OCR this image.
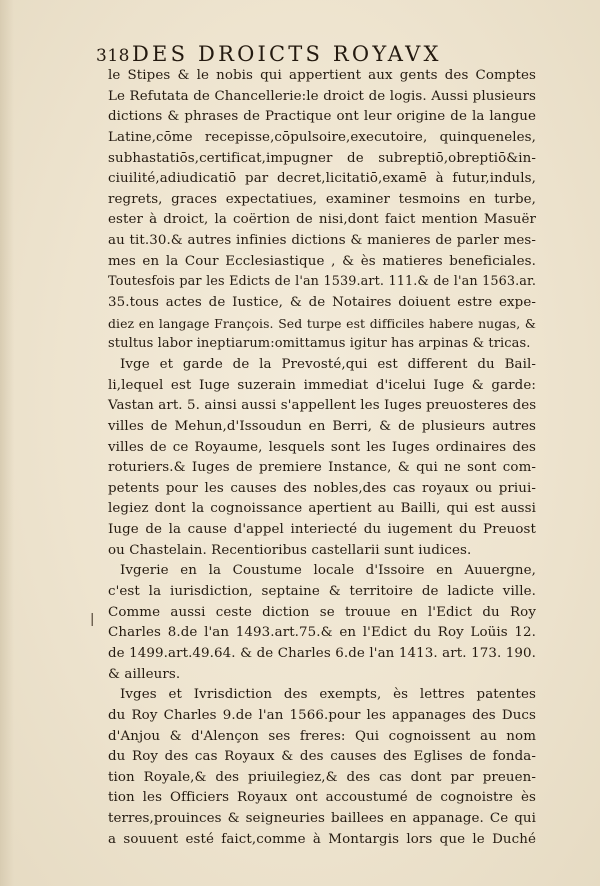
318 DES DROICTS ROYAVX
|
le Stipes & le nobis qui appertient aux gents des Comptes
Le Refutata de Chancellerie:le droict de logis. Aussi plusieurs
dictions & phrases de Practique ont leur origine de la langue
Latine,cōme recepisse,cōpulsoire,executoire, quinqueneles,
subhastatiōs,certificat,impugner de subreptiō,obreptiō&in-
ciuilité,adiudicatiō par decret,licitatiō,examē à futur,induls,
regrets, graces expectatiues, examiner tesmoins en turbe,
ester à droict, la coërtion de nisi,dont faict mention Masuër
au tit.30.& autres infinies dictions & manieres de parler mes-
mes en la Cour Ecclesiastique , & ès matieres beneficiales.
Toutesfois par les Edicts de l'an 1539.art. 111.& de l'an 1563.ar.
35.tous actes de Iustice, & de Notaires doiuent estre expe-
diez en langage François. Sed turpe est difficiles habere nugas, &
stultus labor ineptiarum:omittamus igitur has arpinas & tricas.
Ivge et garde de la Prevosté,qui est different du Bail-
li,lequel est Iuge suzerain immediat d'icelui Iuge & garde:
Vastan art. 5. ainsi aussi s'appellent les Iuges preuosteres des
villes de Mehun,d'Issoudun en Berri, & de plusieurs autres
villes de ce Royaume, lesquels sont les Iuges ordinaires des
roturiers.& Iuges de premiere Instance, & qui ne sont com-
petents pour les causes des nobles,des cas royaux ou priui-
legiez dont la cognoissance apertient au Bailli, qui est aussi
Iuge de la cause d'appel interiecté du iugement du Preuost
ou Chastelain. Recentioribus castellarii sunt iudices.
Ivgerie en la Coustume locale d'Issoire en Auuergne,
c'est la iurisdiction, septaine & territoire de ladicte ville.
Comme aussi ceste diction se trouue en l'Edict du Roy
Charles 8.de l'an 1493.art.75.& en l'Edict du Roy Loüis 12.
de 1499.art.49.64. & de Charles 6.de l'an 1413. art. 173. 190.
& ailleurs.
Ivges et Ivrisdiction des exempts, ès lettres patentes
du Roy Charles 9.de l'an 1566.pour les appanages des Ducs
d'Anjou & d'Alençon ses freres: Qui cognoissent au nom
du Roy des cas Royaux & des causes des Eglises de fonda-
tion Royale,& des priuilegiez,& des cas dont par preuen-
tion les Officiers Royaux ont accoustumé de cognoistre ès
terres,prouinces & seigneuries baillees en appanage. Ce qui
a souuent esté faict,comme à Montargis lors que le Duché
